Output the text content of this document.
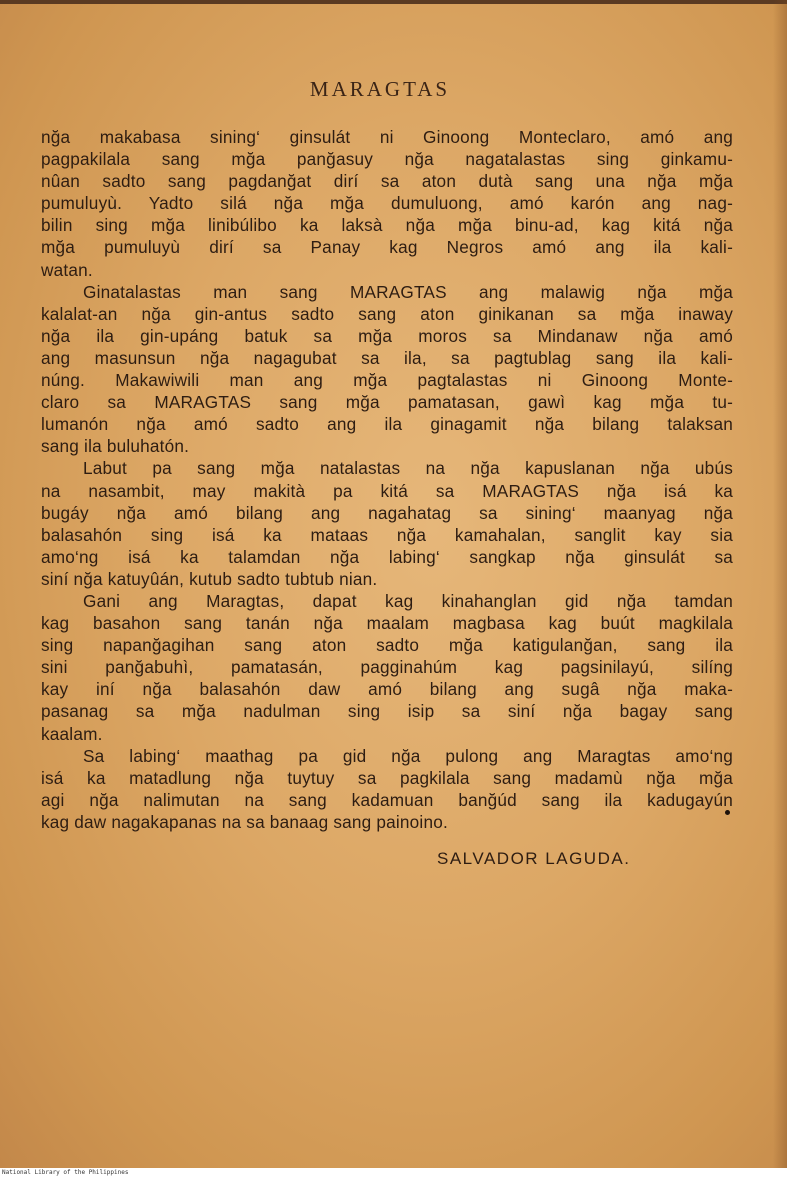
MARAGTAS
nğa makabasa sining‘ ginsulát ni Ginoong Monteclaro, amó ang
pagpakilala sang mğa panğasuy nğa nagatalastas sing ginkamu-
nûan sadto sang pagdanğat dirí sa aton dutà sang una nğa mğa
pumuluyù. Yadto silá nğa mğa dumuluong, amó karón ang nag-
bilin sing mğa linibúlibo ka laksà nğa mğa binu-ad, kag kitá nğa
mğa pumuluyù dirí sa Panay kag Negros amó ang ila kali-
watan.
Ginatalastas man sang MARAGTAS ang malawig nğa mğa
kalalat-an nğa gin-antus sadto sang aton ginikanan sa mğa inaway
nğa ila gin-upáng batuk sa mğa moros sa Mindanaw nğa amó
ang masunsun nğa nagagubat sa ila, sa pagtublag sang ila kali-
núng. Makawiwili man ang mğa pagtalastas ni Ginoong Monte-
claro sa MARAGTAS sang mğa pamatasan, gawì kag mğa tu-
lumanón nğa amó sadto ang ila ginagamit nğa bilang talaksan
sang ila buluhatón.
Labut pa sang mğa natalastas na nğa kapuslanan nğa ubús
na nasambit, may makità pa kitá sa MARAGTAS nğa isá ka
bugáy nğa amó bilang ang nagahatag sa sining‘ maanyag nğa
balasahón sing isá ka mataas nğa kamahalan, sanglit kay sia
amo‘ng isá ka talamdan nğa labing‘ sangkap nğa ginsulát sa
siní nğa katuyûán, kutub sadto tubtub nian.
Gani ang Maragtas, dapat kag kinahanglan gid nğa tamdan
kag basahon sang tanán nğa maalam magbasa kag buút magkilala
sing napanğagihan sang aton sadto mğa katigulanğan, sang ila
sini panğabuhì, pamatasán, pagginahúm kag pagsinilayú, silíng
kay iní nğa balasahón daw amó bilang ang sugâ nğa maka-
pasanag sa mğa nadulman sing isip sa siní nğa bagay sang
kaalam.
Sa labing‘ maathag pa gid nğa pulong ang Maragtas amo‘ng
isá ka matadlung nğa tuytuy sa pagkilala sang madamù nğa mğa
agi nğa nalimutan na sang kadamuan banğúd sang ila kadugayún
kag daw nagakapanas na sa banaag sang painoino.
SALVADOR LAGUDA.
National Library of the Philippines
